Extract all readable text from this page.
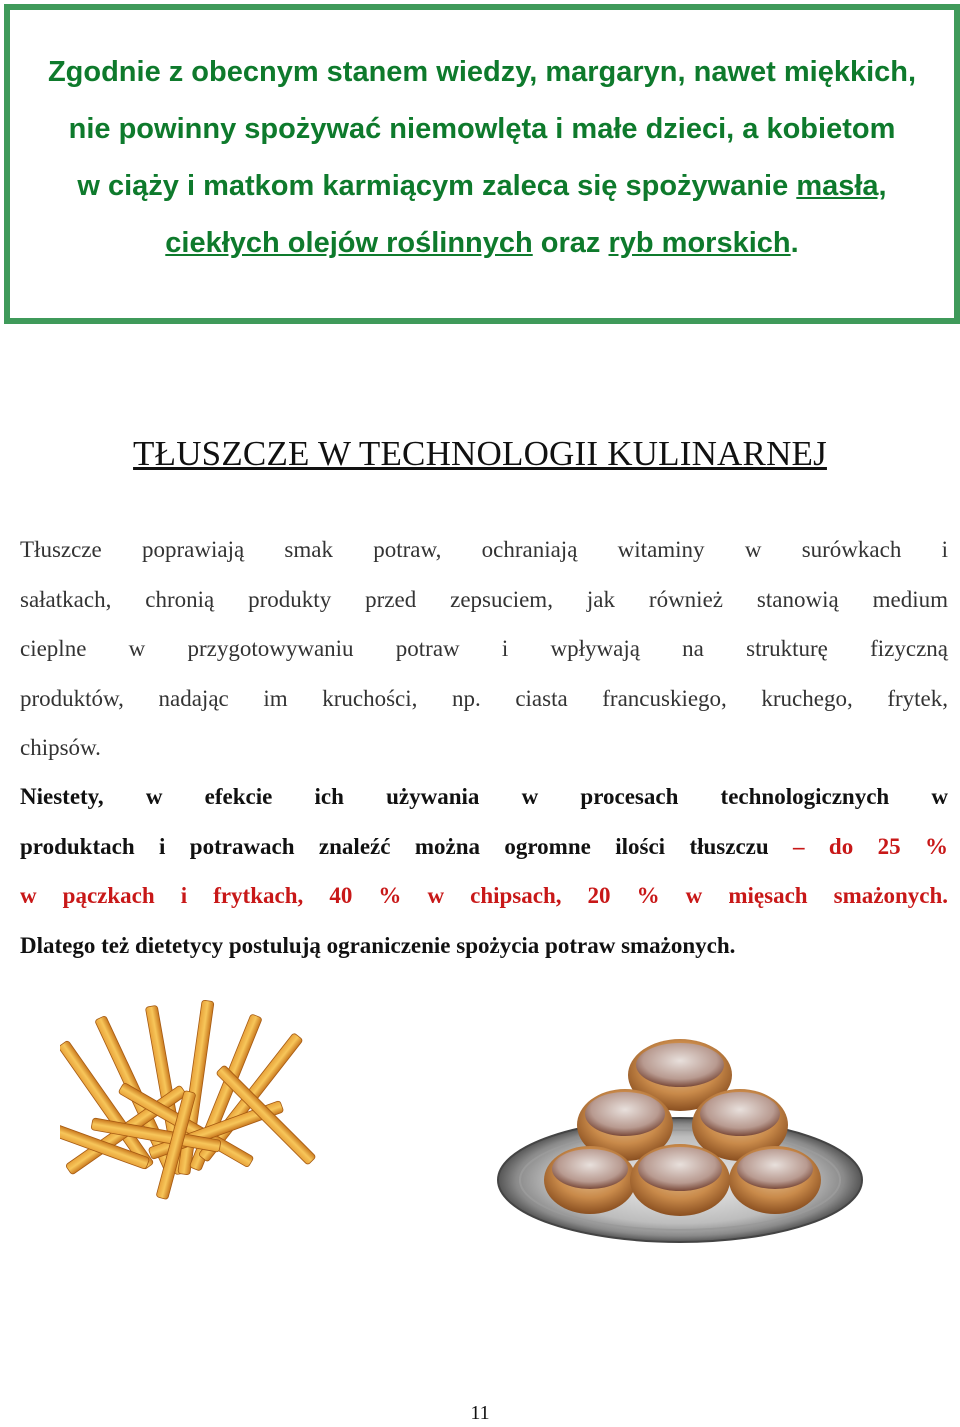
Zgodnie z obecnym stanem wiedzy, margaryn, nawet miękkich,

nie powinny spożywać niemowlęta i małe dzieci, a kobietom

w ciąży i matkom karmiącym zaleca się spożywanie masła,

ciekłych olejów roślinnych oraz ryb morskich.

TŁUSZCZE W TECHNOLOGII KULINARNEJ
Tłuszcze poprawiają smak potraw, ochraniają witaminy w surówkach i
sałatkach, chronią produkty przed zepsuciem, jak również stanowią medium
cieplne w przygotowywaniu potraw i wpływają na strukturę fizyczną
produktów, nadając im kruchości, np. ciasta francuskiego, kruchego, frytek,
chipsów.
Niestety, w efekcie ich używania w procesach technologicznych w
produktach i potrawach znaleźć można ogromne ilości tłuszczu – do 25 %
w pączkach i frytkach, 40 % w chipsach, 20 % w mięsach smażonych.
Dlatego też dietetycy postulują ograniczenie spożycia potraw smażonych.
11
